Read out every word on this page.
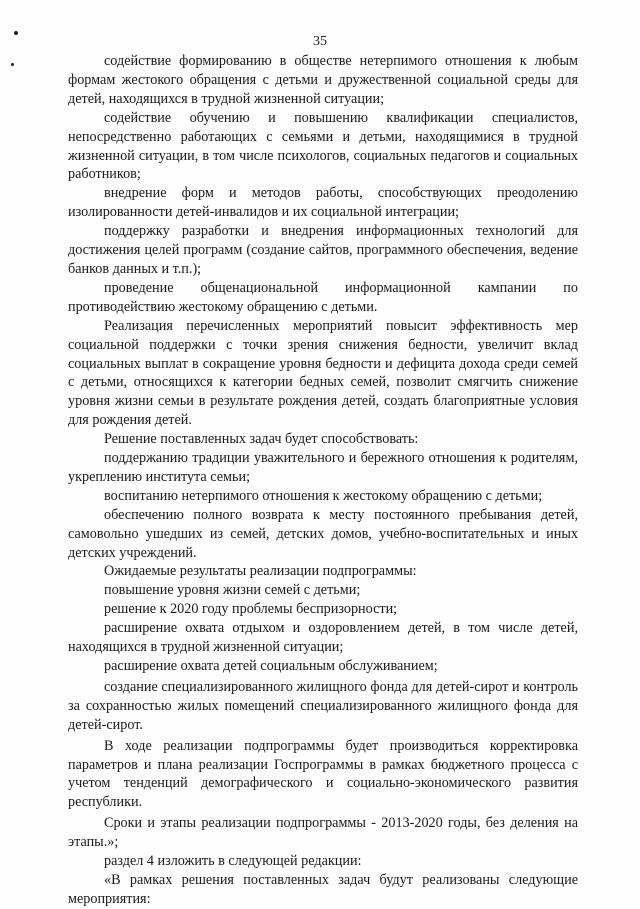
35

содействие формированию в обществе нетерпимого отношения к любым формам жестокого обращения с детьми и дружественной социальной среды для детей, находящихся в трудной жизненной ситуации;

содействие обучению и повышению квалификации специалистов, непосредственно работающих с семьями и детьми, находящимися в трудной жизненной ситуации, в том числе психологов, социальных педагогов и социальных работников;

внедрение форм и методов работы, способствующих преодолению изолированности детей-инвалидов и их социальной интеграции;

поддержку разработки и внедрения информационных технологий для достижения целей программ (создание сайтов, программного обеспечения, ведение банков данных и т.п.);

проведение общенациональной информационной кампании по противодействию жестокому обращению с детьми.

Реализация перечисленных мероприятий повысит эффективность мер социальной поддержки с точки зрения снижения бедности, увеличит вклад социальных выплат в сокращение уровня бедности и дефицита дохода среди семей с детьми, относящихся к категории бедных семей, позволит смягчить снижение уровня жизни семьи в результате рождения детей, создать благоприятные условия для рождения детей.

Решение поставленных задач будет способствовать:

поддержанию традиции уважительного и бережного отношения к родителям, укреплению института семьи;

воспитанию нетерпимого отношения к жестокому обращению с детьми;

обеспечению полного возврата к месту постоянного пребывания детей, самовольно ушедших из семей, детских домов, учебно-воспитательных и иных детских учреждений.

Ожидаемые результаты реализации подпрограммы:

повышение уровня жизни семей с детьми;

решение к 2020 году проблемы беспризорности;

расширение охвата отдыхом и оздоровлением детей, в том числе детей, находящихся в трудной жизненной ситуации;

расширение охвата детей социальным обслуживанием;

создание специализированного жилищного фонда для детей-сирот и контроль за сохранностью жилых помещений специализированного жилищного фонда для детей-сирот.

В ходе реализации подпрограммы будет производиться корректировка параметров и плана реализации Госпрограммы в рамках бюджетного процесса с учетом тенденций демографического и социально-экономического развития республики.

Сроки и этапы реализации подпрограммы - 2013-2020 годы, без деления на этапы.»;

раздел 4 изложить в следующей редакции:

«В рамках решения поставленных задач будут реализованы следующие мероприятия:
